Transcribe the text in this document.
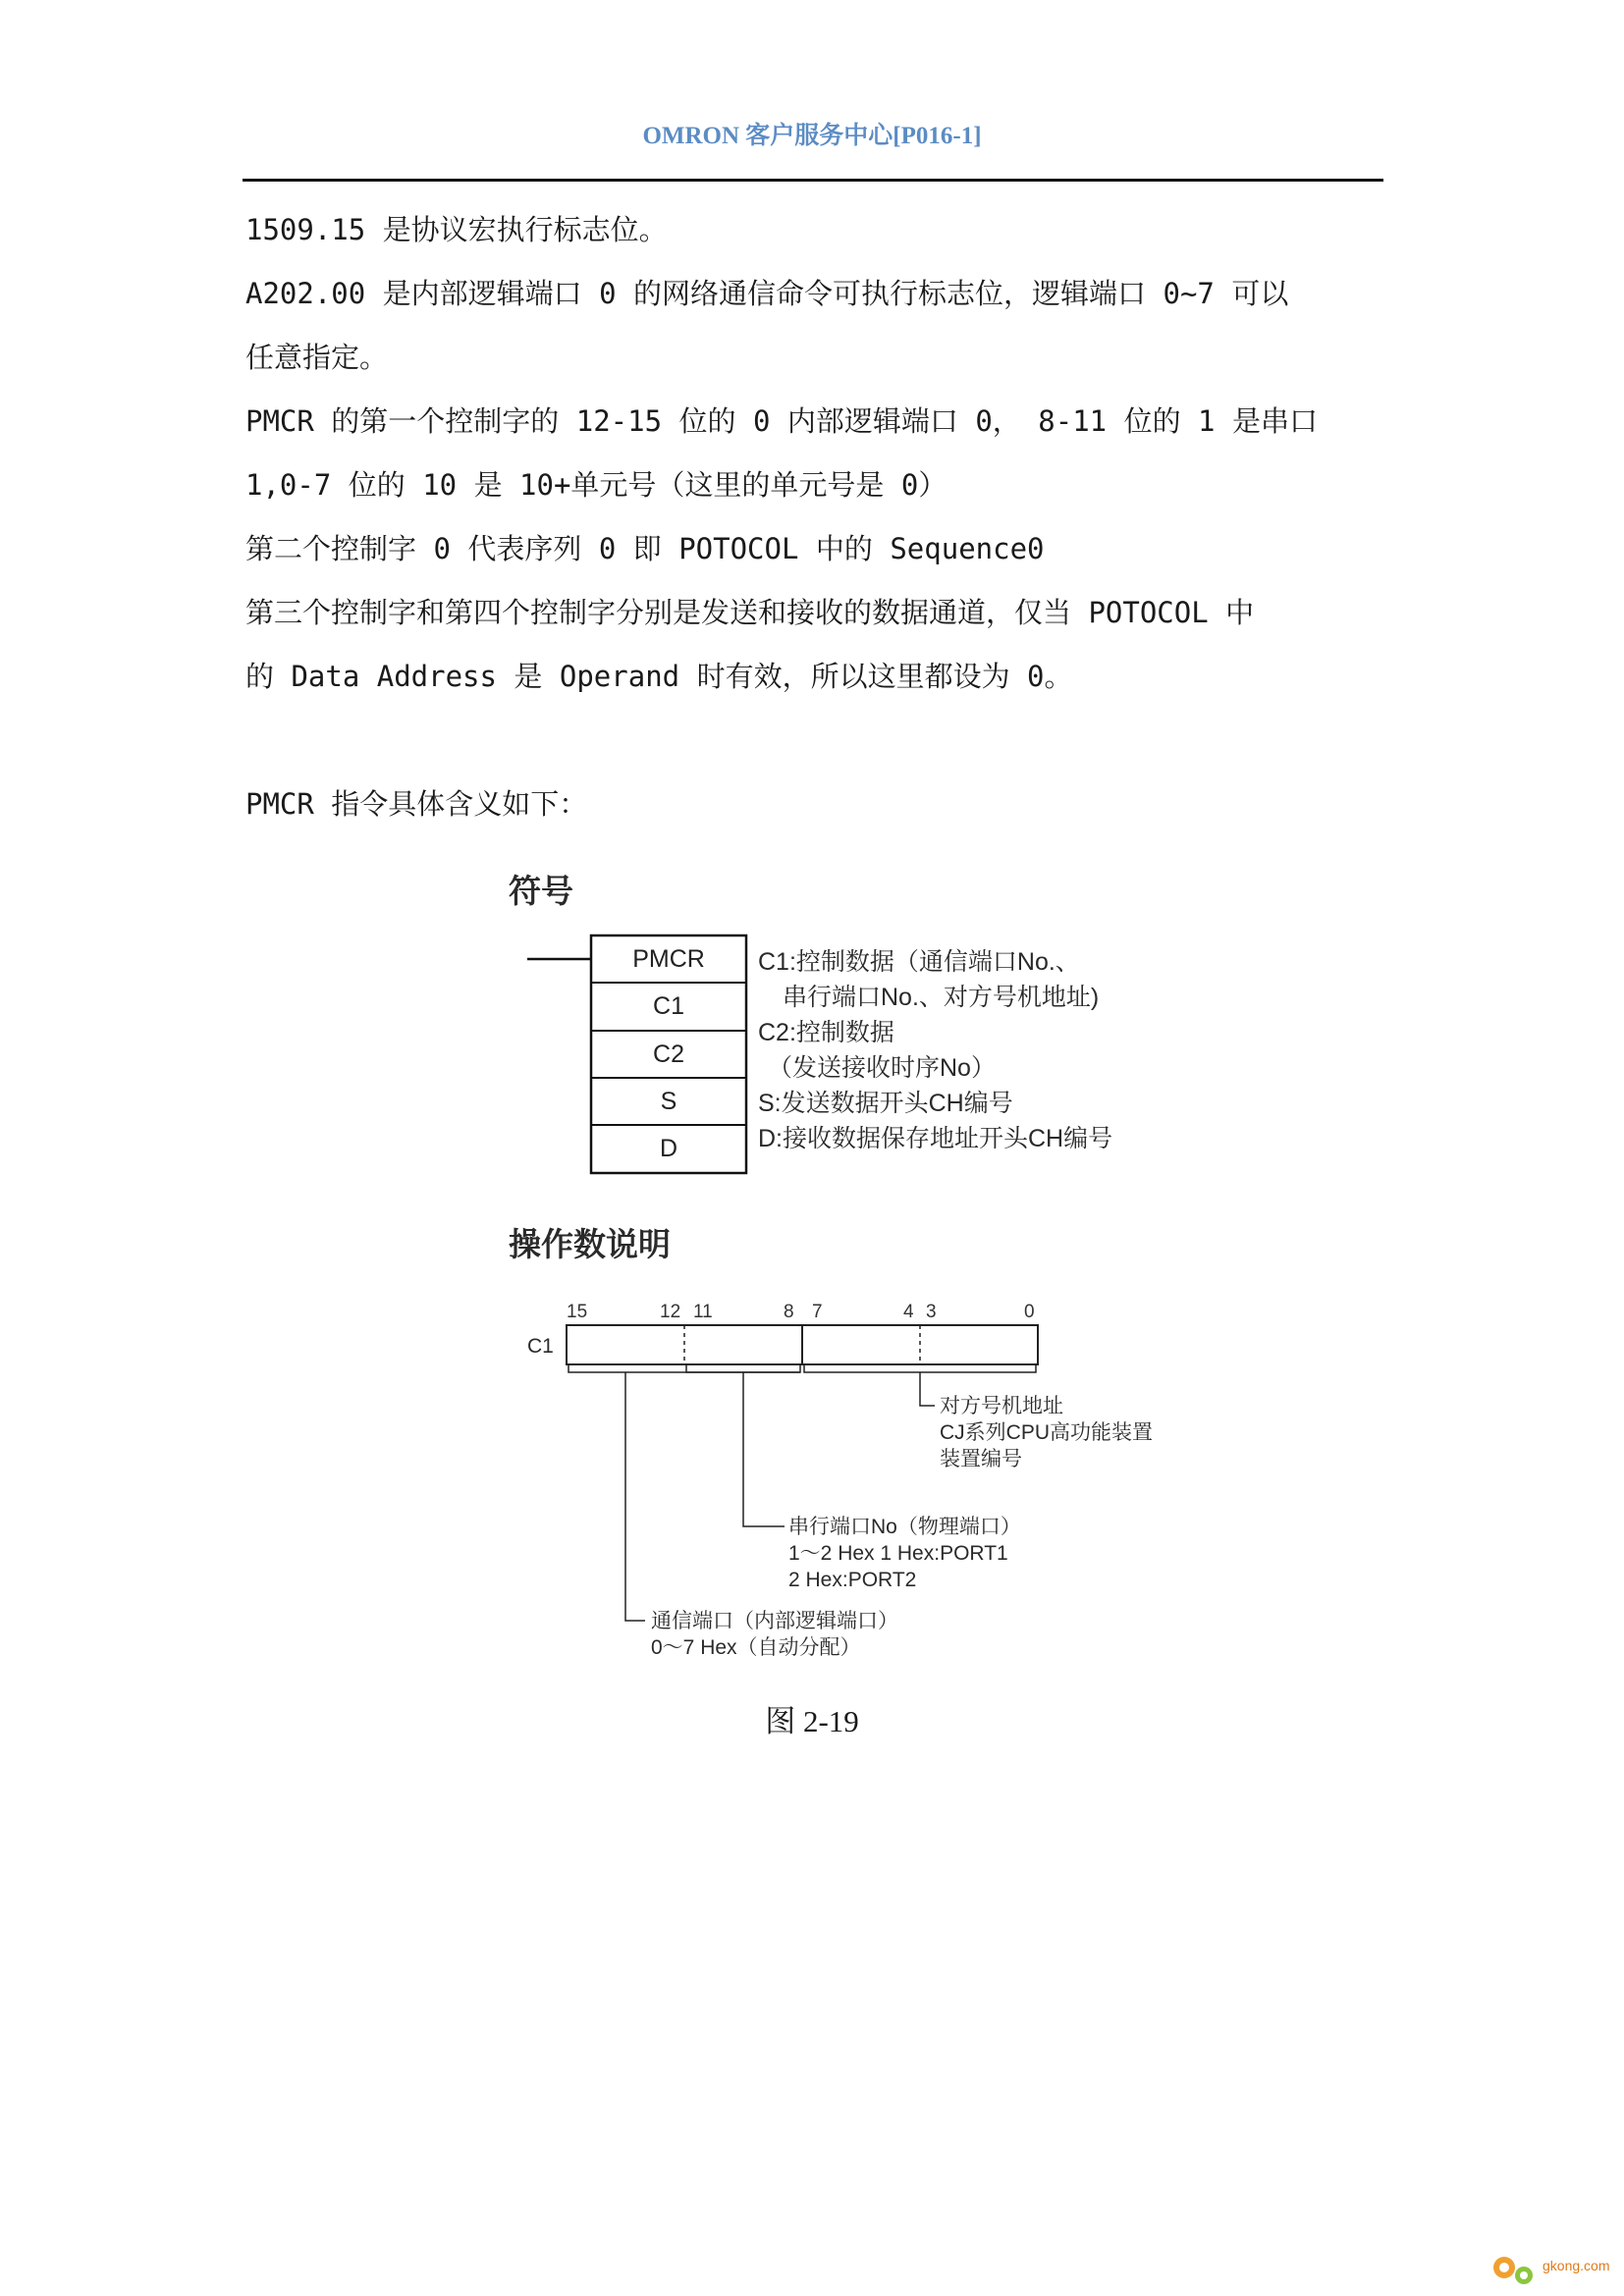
OMRON 客户服务中心[P016-1]

1509.15 是协议宏执行标志位。

A202.00 是内部逻辑端口 0 的网络通信命令可执行标志位，逻辑端口 0~7 可以

任意指定。

PMCR 的第一个控制字的 12-15 位的 0 内部逻辑端口 0， 8-11 位的 1 是串口

1,0-7 位的 10 是 10+单元号（这里的单元号是 0）

第二个控制字 0 代表序列 0 即 POTOCOL 中的 Sequence0

第三个控制字和第四个控制字分别是发送和接收的数据通道，仅当 POTOCOL 中

的 Data Address 是 Operand 时有效，所以这里都设为 0。

PMCR 指令具体含义如下：

符号
PMCR
C1
C2
S
D
C1:控制数据（通信端口No.、
串行端口No.、对方号机地址)
C2:控制数据
（发送接收时序No）
S:发送数据开头CH编号
D:接收数据保存地址开头CH编号
操作数说明
C1
15	12 11	8 7	4 3	0
对方号机地址
CJ系列CPU高功能装置
装置编号
串行端口No（物理端口）
1～2 Hex 1 Hex:PORT1
2 Hex:PORT2
通信端口（内部逻辑端口）
0～7 Hex（自动分配）
图 2-19
gkong.com
